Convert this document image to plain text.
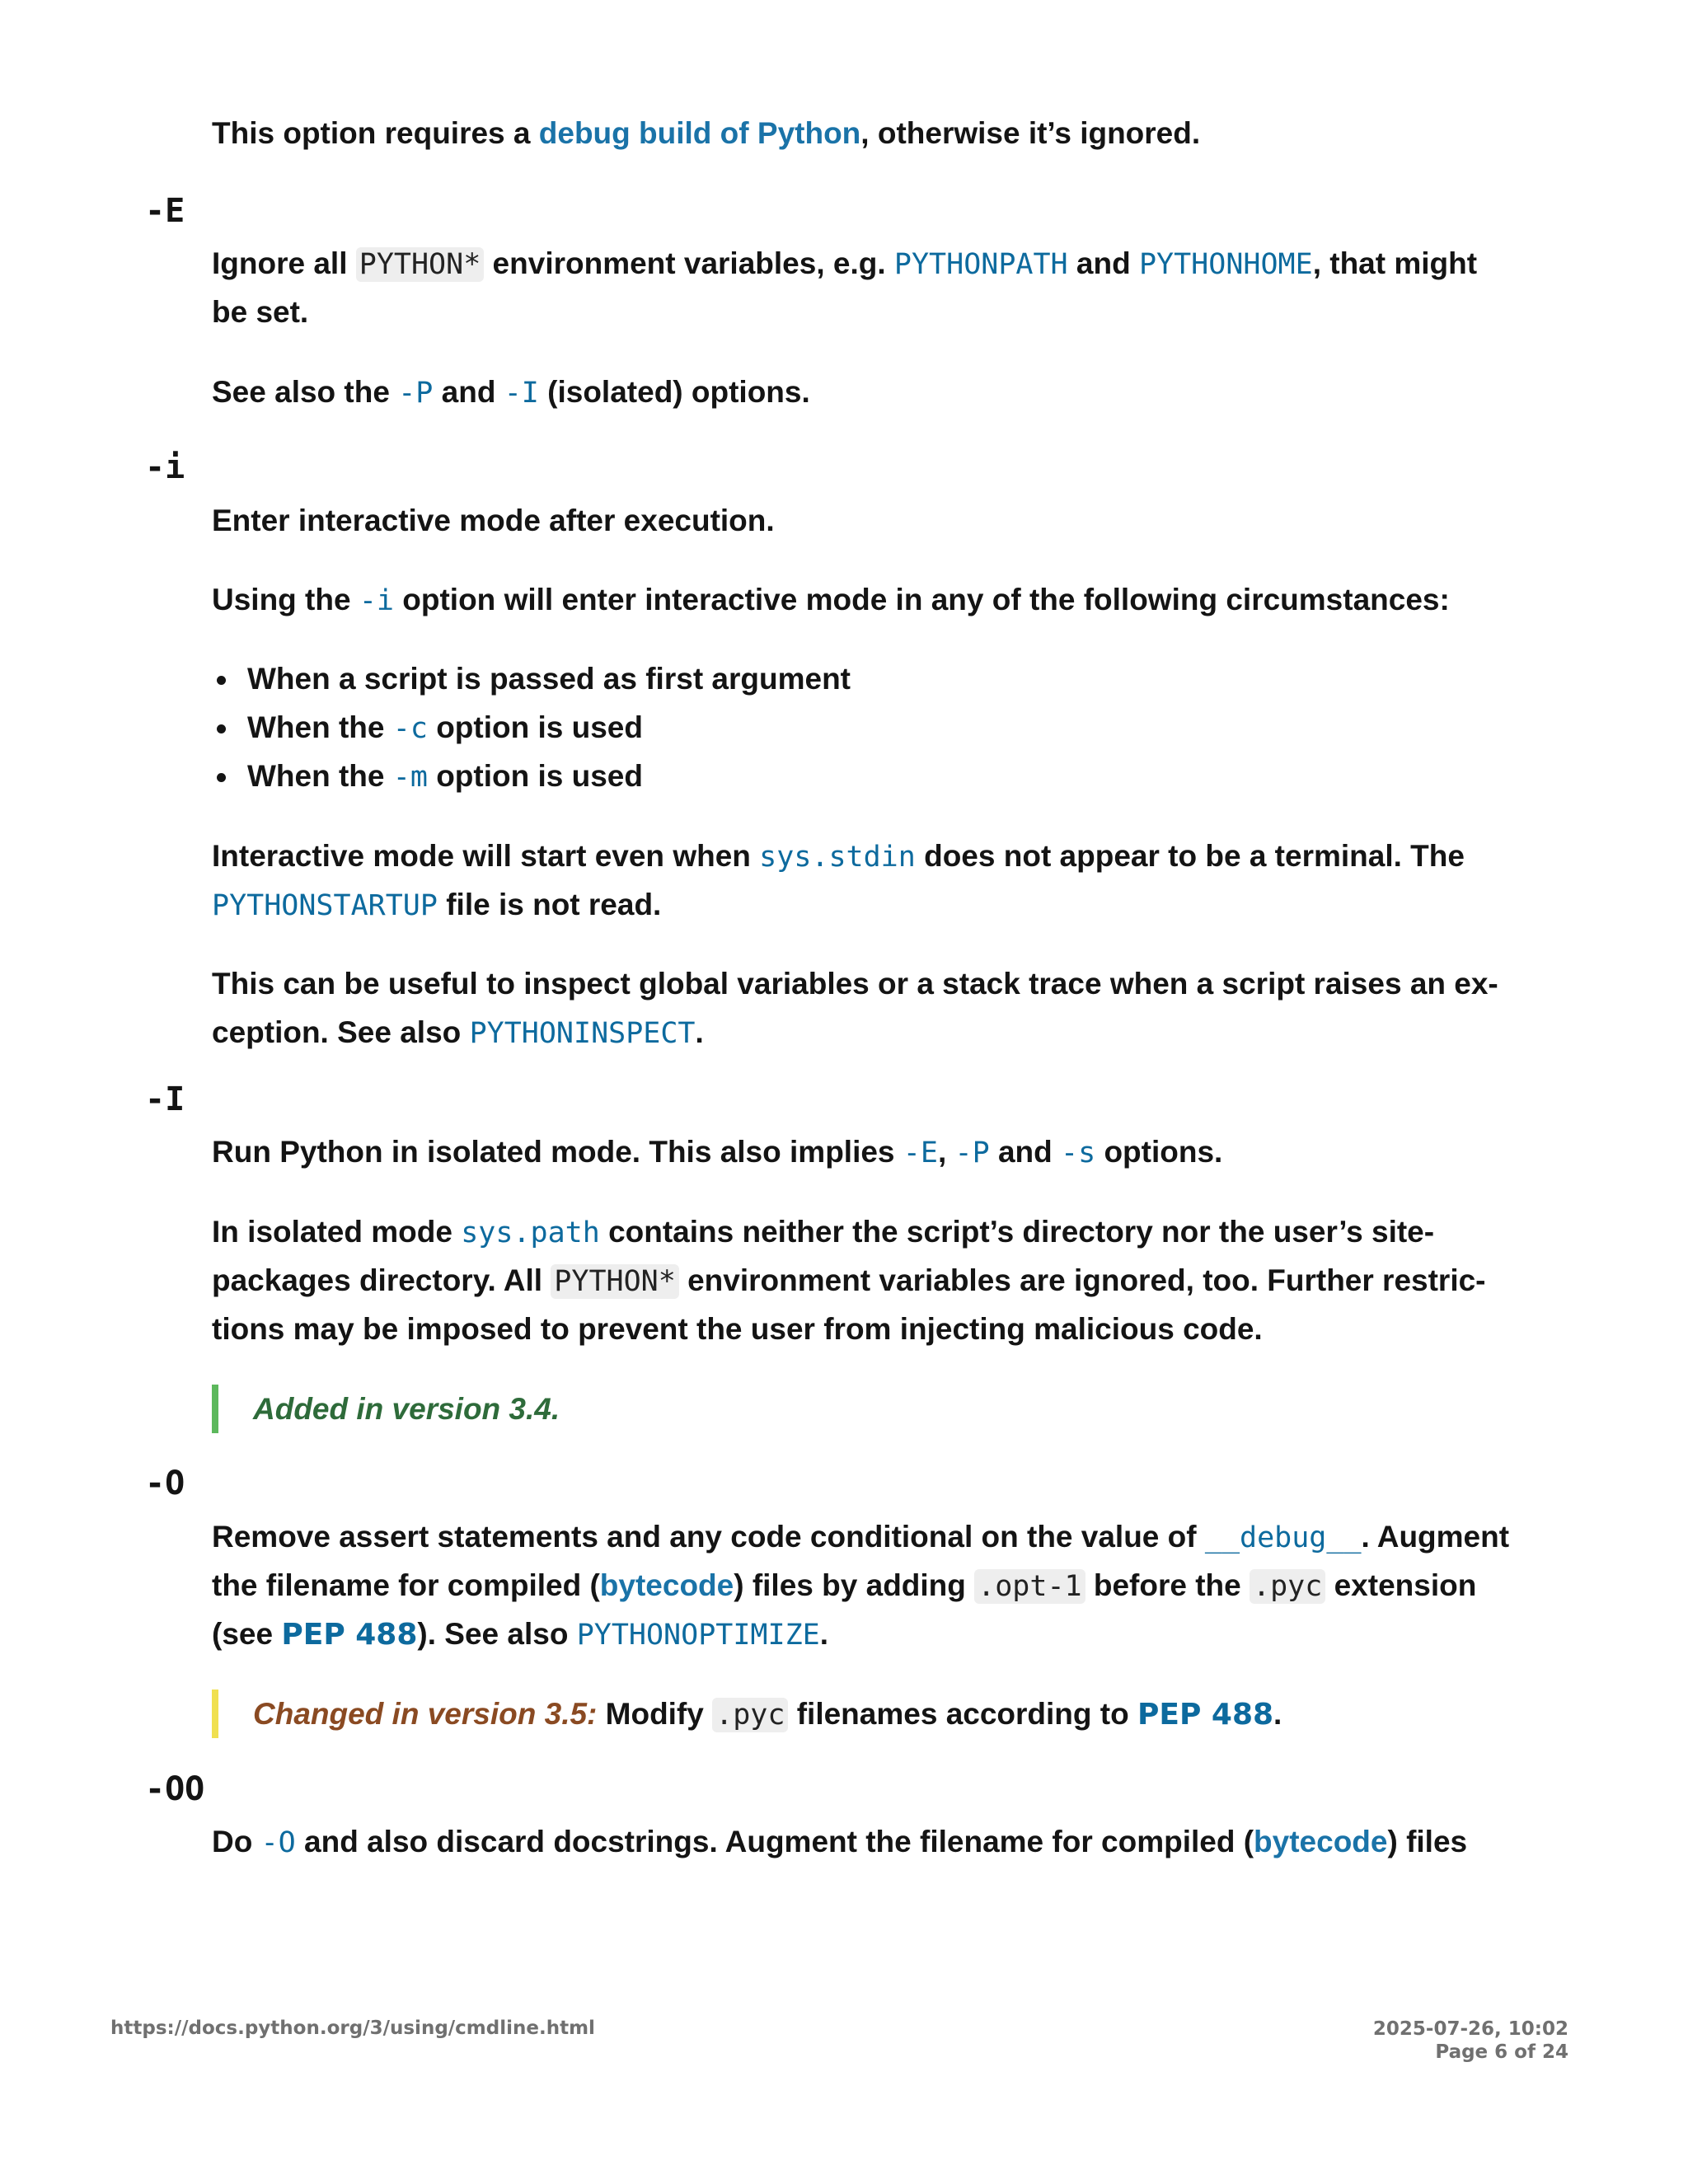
This option requires a debug build of Python, otherwise it’s ignored.

-E

Ignore all PYTHON* environment variables, e.g. PYTHONPATH and PYTHONHOME, that might

be set.

See also the -P and -I (isolated) options.

-i

Enter interactive mode after execution.

Using the -i option will enter interactive mode in any of the following circumstances:

When a script is passed as first argument
When the -c option is used
When the -m option is used

Interactive mode will start even when sys.stdin does not appear to be a terminal. The

PYTHONSTARTUP file is not read.

This can be useful to inspect global variables or a stack trace when a script raises an ex-

ception. See also PYTHONINSPECT.

-I

Run Python in isolated mode. This also implies -E, -P and -s options.

In isolated mode sys.path contains neither the script’s directory nor the user’s site-

packages directory. All PYTHON* environment variables are ignored, too. Further restric-

tions may be imposed to prevent the user from injecting malicious code.

Added in version 3.4.
-O

Remove assert statements and any code conditional on the value of __debug__. Augment

the filename for compiled (bytecode) files by adding .opt-1 before the .pyc extension

(see PEP 488). See also PYTHONOPTIMIZE.

Changed in version 3.5: Modify .pyc filenames according to PEP 488.
-OO

Do -O and also discard docstrings. Augment the filename for compiled (bytecode) files

https://docs.python.org/3/using/cmdline.html	2025-07-26, 10:02
Page 6 of 24
